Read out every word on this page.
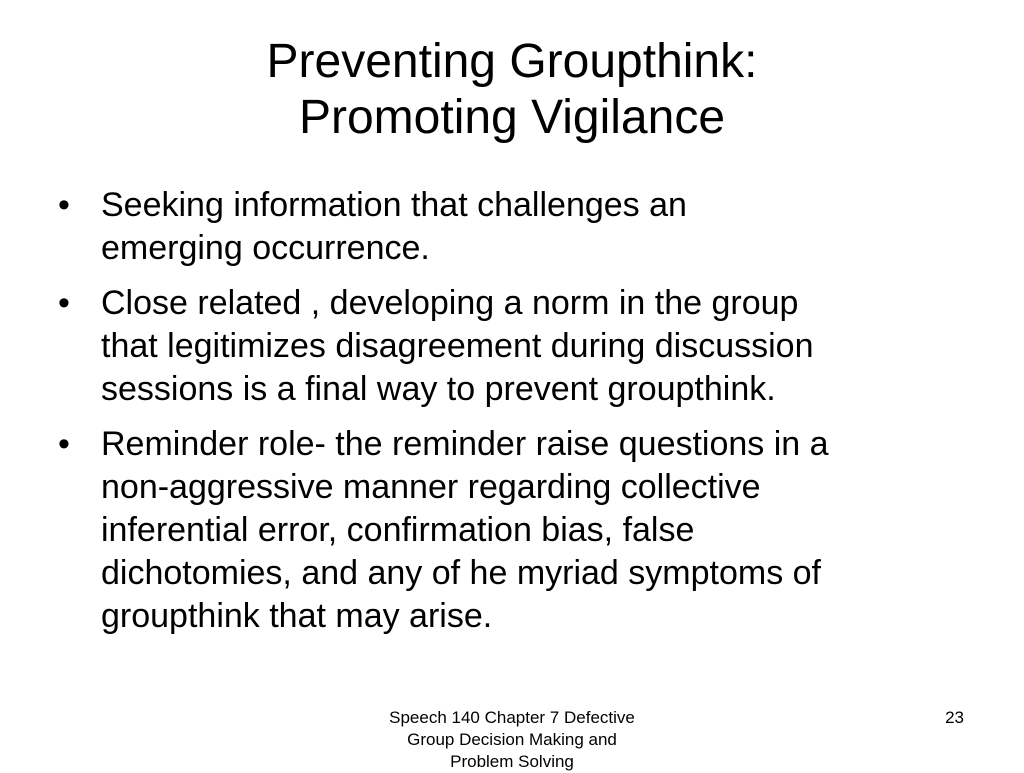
Preventing Groupthink:
Promoting Vigilance
• Seeking information that challenges an
emerging occurrence.
• Close related , developing a norm in the group
that legitimizes disagreement during discussion
sessions is a final way to prevent groupthink.
• Reminder role- the reminder raise questions in a
non-aggressive manner regarding collective
inferential error, confirmation bias, false
dichotomies, and any of he myriad symptoms of
groupthink that may arise.
Speech 140 Chapter 7 Defective
Group Decision Making and
Problem Solving
23
